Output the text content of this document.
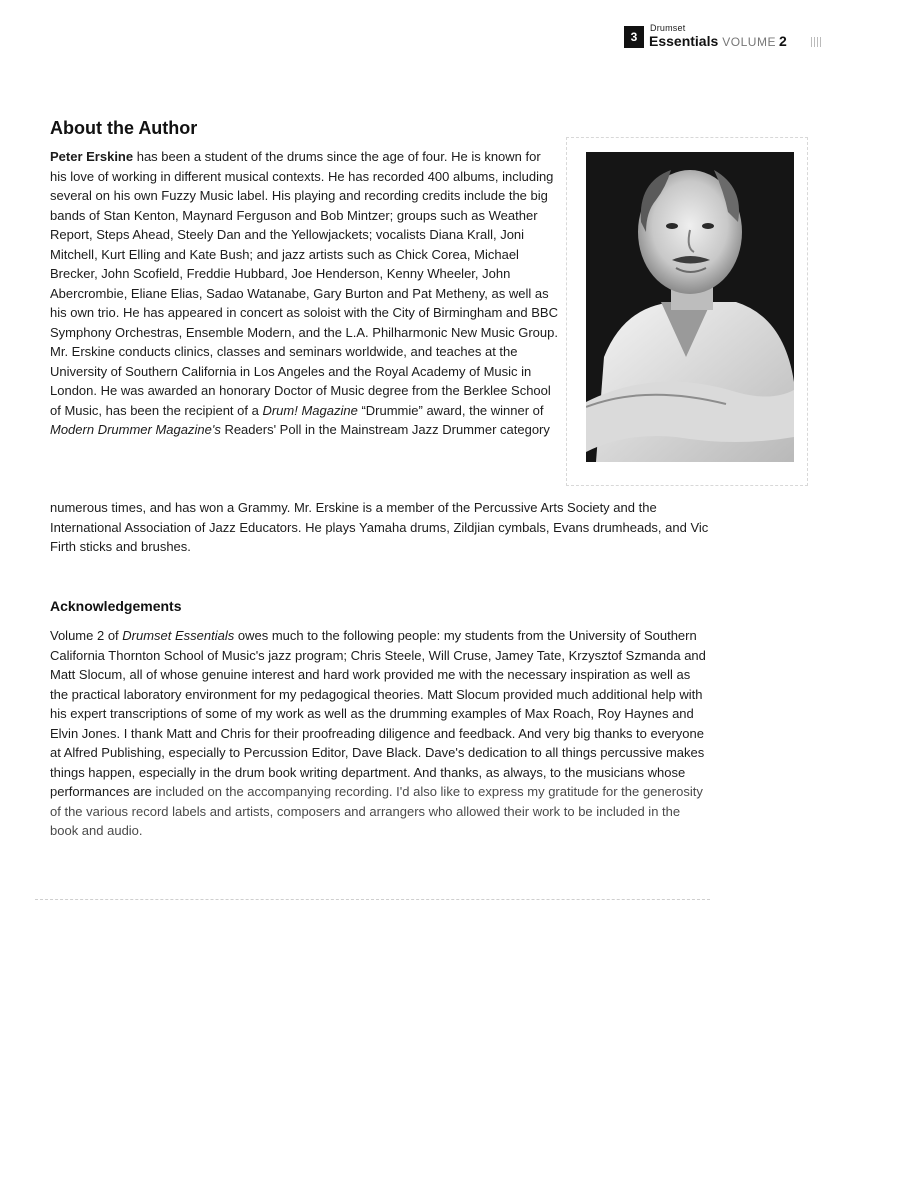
3
Drumset
Essentials VOLUME 2
About the Author

Peter Erskine has been a student of the drums since the age of four. He is known for his love of working in different musical contexts. He has recorded 400 albums, including several on his own Fuzzy Music label. His playing and recording credits include the big bands of Stan Kenton, Maynard Ferguson and Bob Mintzer; groups such as Weather Report, Steps Ahead, Steely Dan and the Yellowjackets; vocalists Diana Krall, Joni Mitchell, Kurt Elling and Kate Bush; and jazz artists such as Chick Corea, Michael Brecker, John Scofield, Freddie Hubbard, Joe Henderson, Kenny Wheeler, John Abercrombie, Eliane Elias, Sadao Watanabe, Gary Burton and Pat Metheny, as well as his own trio. He has appeared in concert as soloist with the City of Birmingham and BBC Symphony Orchestras, Ensemble Modern, and the L.A. Philharmonic New Music Group. Mr. Erskine conducts clinics, classes and seminars worldwide, and teaches at the University of Southern California in Los Angeles and the Royal Academy of Music in London. He was awarded an honorary Doctor of Music degree from the Berklee School of Music, has been the recipient of a Drum! Magazine “Drummie” award, the winner of Modern Drummer Magazine's Readers' Poll in the Mainstream Jazz Drummer category

numerous times, and has won a Grammy. Mr. Erskine is a member of the Percussive Arts Society and the International Association of Jazz Educators. He plays Yamaha drums, Zildjian cymbals, Evans drumheads, and Vic Firth sticks and brushes.

Acknowledgements

Volume 2 of Drumset Essentials owes much to the following people: my students from the University of Southern California Thornton School of Music's jazz program; Chris Steele, Will Cruse, Jamey Tate, Krzysztof Szmanda and Matt Slocum, all of whose genuine interest and hard work provided me with the necessary inspiration as well as the practical laboratory environment for my pedagogical theories. Matt Slocum provided much additional help with his expert transcriptions of some of my work as well as the drumming examples of Max Roach, Roy Haynes and Elvin Jones. I thank Matt and Chris for their proofreading diligence and feedback. And very big thanks to everyone at Alfred Publishing, especially to Percussion Editor, Dave Black. Dave's dedication to all things percussive makes things happen, especially in the drum book writing department. And thanks, as always, to the musicians whose performances are included on the accompanying recording. I'd also like to express my gratitude for the generosity of the various record labels and artists, composers and arrangers who allowed their work to be included in the book and audio.
